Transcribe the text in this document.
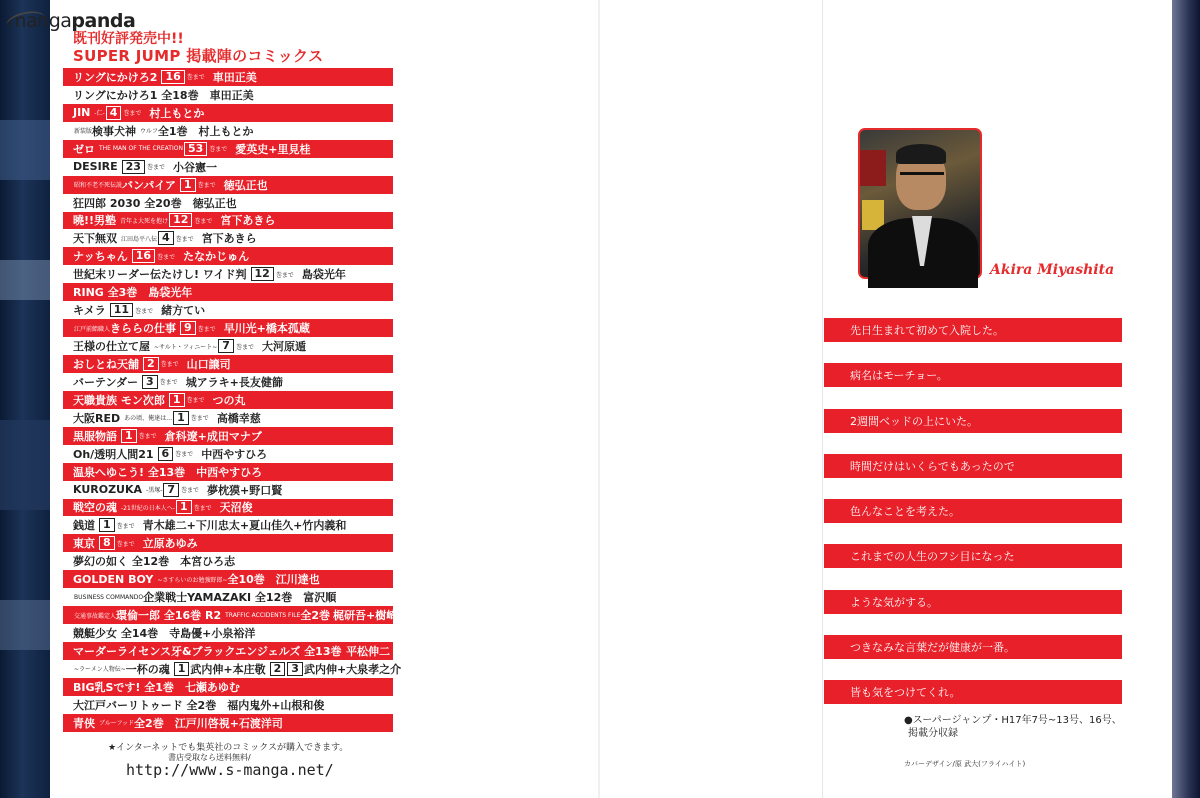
mangapanda
既刊好評発売中!!
SUPER JUMP 掲載陣のコミックス
リングにかけろ2 16	巻まで 車田正美
リングにかけろ1 全18巻 車田正美
JIN -仁- 4	巻まで 村上もとか
新装版 検事犬神 ウルフ 全1巻 村上もとか
ゼロ THE MAN OF THE CREATION 53	巻まで 愛英史+里見桂
DESIRE 23	巻まで 小谷憲一
昭和不老不死伝説 バンパイア 1	巻まで 徳弘正也
狂四郎 2030 全20巻 徳弘正也
曉!!男塾 青年よ大死を抱け 12	巻まで 宮下あきら
天下無双 江田島平八伝 4	巻まで 宮下あきら
ナッちゃん 16	巻まで たなかじゅん
世紀末リーダー伝たけし! ワイド判 12	巻まで 島袋光年
RING 全3巻 島袋光年
キメラ 11	巻まで 緒方てい
江戸前鮨職人 きららの仕事 9	巻まで 早川光+橋本孤蔵
王様の仕立て屋 ~サルト・フィニート~ 7	巻まで 大河原遁
おしとね天舗 2	巻まで 山口譲司
バーテンダー 3	巻まで 城アラキ+長友健篩
天職貴族 モン次郎 1	巻まで つの丸
大阪RED あの頃、俺達は… 1	巻まで 高橋幸慈
黒服物語 1	巻まで 倉科遼+成田マナブ
Oh/透明人間21 6	巻まで 中西やすひろ
温泉へゆこう! 全13巻 中西やすひろ
KUROZUKA -黒塚- 7	巻まで 夢枕獏+野口賢
戦空の魂 -21世紀の日本人へ- 1	巻まで 天沼俊
銭道 1	巻まで 青木雄二+下川忠太+夏山佳久+竹内義和
東京 8	巻まで 立原あゆみ
夢幻の如く 全12巻 本宮ひろ志
GOLDEN BOY ~さすらいのお勉強野郎~ 全10巻 江川達也
BUSINESS COMMANDO 企業戦士YAMAZAKI 全12巻 富沢順
交通事故鑑定人 環倫一郎 全16巻 R2 TRAFFIC ACCIDENTS FILE 全2巻 梶研吾+樹崎聖
競艇少女 全14巻 寺島優+小泉裕洋
マーダーライセンス牙&ブラックエンジェルズ 全13巻 平松伸二
~ラーメン人物伝~ 一杯の魂 1 武内伸+本庄敬 2 3 武内伸+大泉孝之介
BIG乳Sです! 全1巻 七瀬あゆむ
大江戸バーリトゥード 全2巻 福内鬼外+山根和俊
青侠 ブルーフッド 全2巻 江戸川啓視+石渡洋司
★インターネットでも集英社のコミックスが購入できます。
書店受取なら送料無料/
http://www.s-manga.net/
Akira Miyashita
先日生まれて初めて入院した。
病名はモーチョー。
2週間ベッドの上にいた。
時間だけはいくらでもあったので
色んなことを考えた。
これまでの人生のフシ目になった
ような気がする。
つきなみな言葉だが健康が一番。
皆も気をつけてくれ。
●スーパージャンプ・H17年7号~13号、16号、
掲載分収録
カバーデザイン/原 武大(フライハイト)
